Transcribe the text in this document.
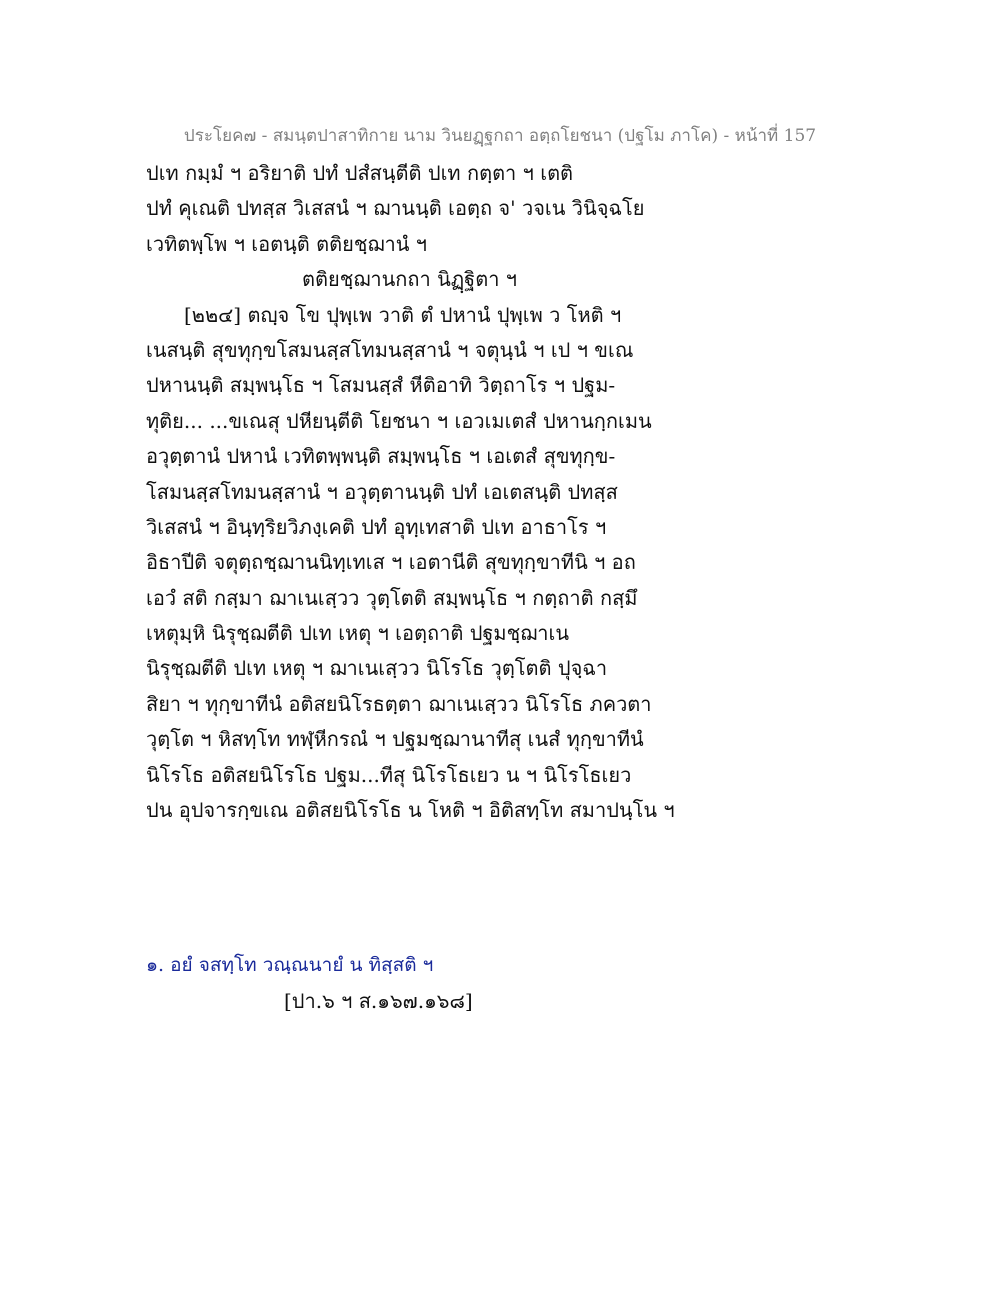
ประโยค๗ - สมนฺตปาสาทิกาย นาม วินยฏฺฐกถา อตฺถโยชนา (ปฐโม ภาโค) - หน้าที่ 157
ปเท กมฺมํ ฯ อริยาติ ปทํ ปสํสนฺตีติ ปเท กตฺตา ฯ เตติ
ปทํ คุเณติ ปทสฺส วิเสสนํ ฯ ฌานนฺติ เอตฺถ จ' วจเน วินิจฺฉโย
เวทิตพฺโพ ฯ เอตนฺติ ตติยชฺฌานํ ฯ
ตติยชฺฌานกถา นิฏฺฐิตา ฯ
[๒๒๔] ตญฺจ โข ปุพฺเพ วาติ ตํ ปหานํ ปุพฺเพ ว โหติ ฯ
เนสนฺติ สุขทุกฺขโสมนสฺสโทมนสฺสานํ ฯ จตุนฺนํ ฯ เป ฯ ขเณ
ปหานนฺติ สมฺพนฺโธ ฯ โสมนสฺสํ หีติอาทิ วิตฺถาโร ฯ ปฐม-
ทุติย... ...ขเณสุ ปหียนฺตีติ โยชนา ฯ เอวเมเตสํ ปหานกฺกเมน
อวุตฺตานํ ปหานํ เวทิตพฺพนฺติ สมฺพนฺโธ ฯ เอเตสํ สุขทุกฺข-
โสมนสฺสโทมนสฺสานํ ฯ อวุตฺตานนฺติ ปทํ เอเตสนฺติ ปทสฺส
วิเสสนํ ฯ อินฺทฺริยวิภงฺเคติ ปทํ อุทฺเทสาติ ปเท อาธาโร ฯ
อิธาปีติ จตุตฺถชฺฌานนิทฺเทเส ฯ เอตานีติ สุขทุกฺขาทีนิ ฯ อถ
เอวํ สติ กสฺมา ฌาเนเสฺวว วุตฺโตติ สมฺพนฺโธ ฯ กตฺถาติ กสฺมึ
เหตุมฺหิ นิรุชฺฌตีติ ปเท เหตุ ฯ เอตฺถาติ ปฐมชฺฌาเน
นิรุชฺฌตีติ ปเท เหตุ ฯ ฌาเนเสฺวว นิโรโธ วุตฺโตติ ปุจฺฉา
สิยา ฯ ทุกฺขาทีนํ อติสยนิโรธตฺตา ฌาเนเสฺวว นิโรโธ ภควตา
วุตฺโต ฯ หิสทฺโท ทฬฺหีกรณํ ฯ ปฐมชฺฌานาทีสุ เนสํ ทุกฺขาทีนํ
นิโรโธ อติสยนิโรโธ ปฐม...ทีสุ นิโรโธเยว น ฯ นิโรโธเยว
ปน อุปจารกฺขเณ อติสยนิโรโธ น โหติ ฯ อิติสทฺโท สมาปนฺโน ฯ
๑. อยํ จสทฺโท วณฺณนายํ น ทิสฺสติ ฯ
[ปา.๖ ฯ ส.๑๖๗.๑๖๘]
